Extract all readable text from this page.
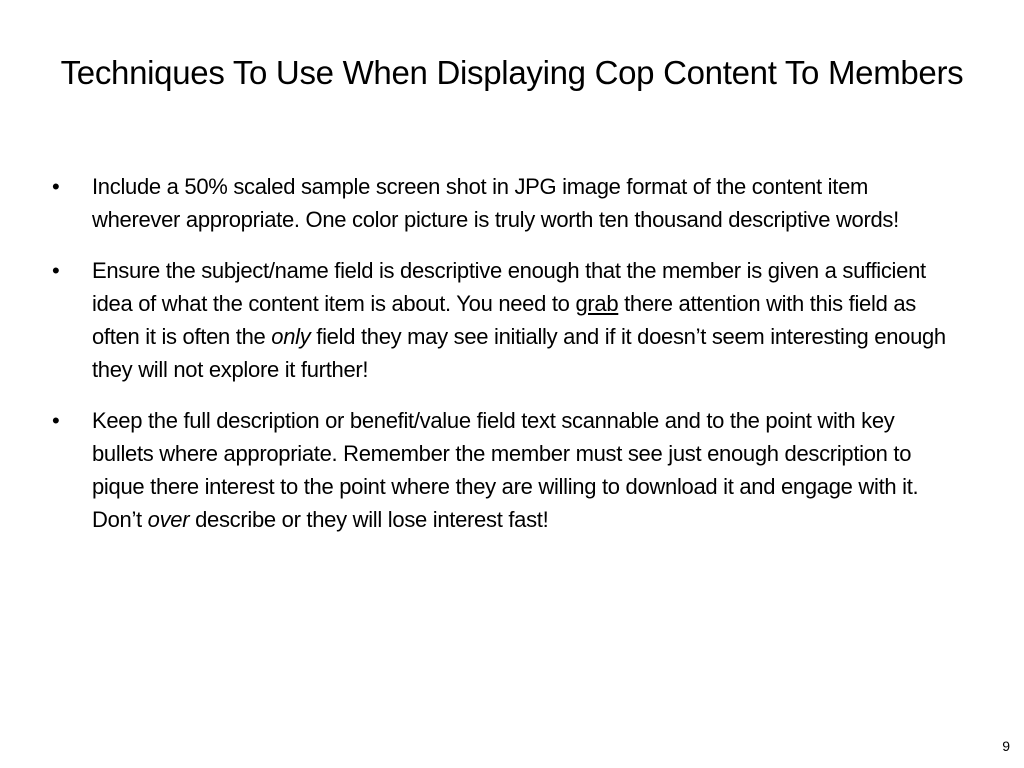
Techniques To Use When Displaying Cop Content To Members
• Include a 50% scaled sample screen shot in JPG image format of the content item wherever appropriate. One color picture is truly worth ten thousand descriptive words!
• Ensure the subject/name field is descriptive enough that the member is given a sufficient idea of what the content item is about. You need to grab there attention with this field as often it is often the only field they may see initially and if it doesn’t seem interesting enough they will not explore it further!
• Keep the full description or benefit/value field text scannable and to the point with key bullets where appropriate. Remember the member must see just enough description to pique there interest to the point where they are willing to download it and engage with it. Don’t over describe or they will lose interest fast!
9
